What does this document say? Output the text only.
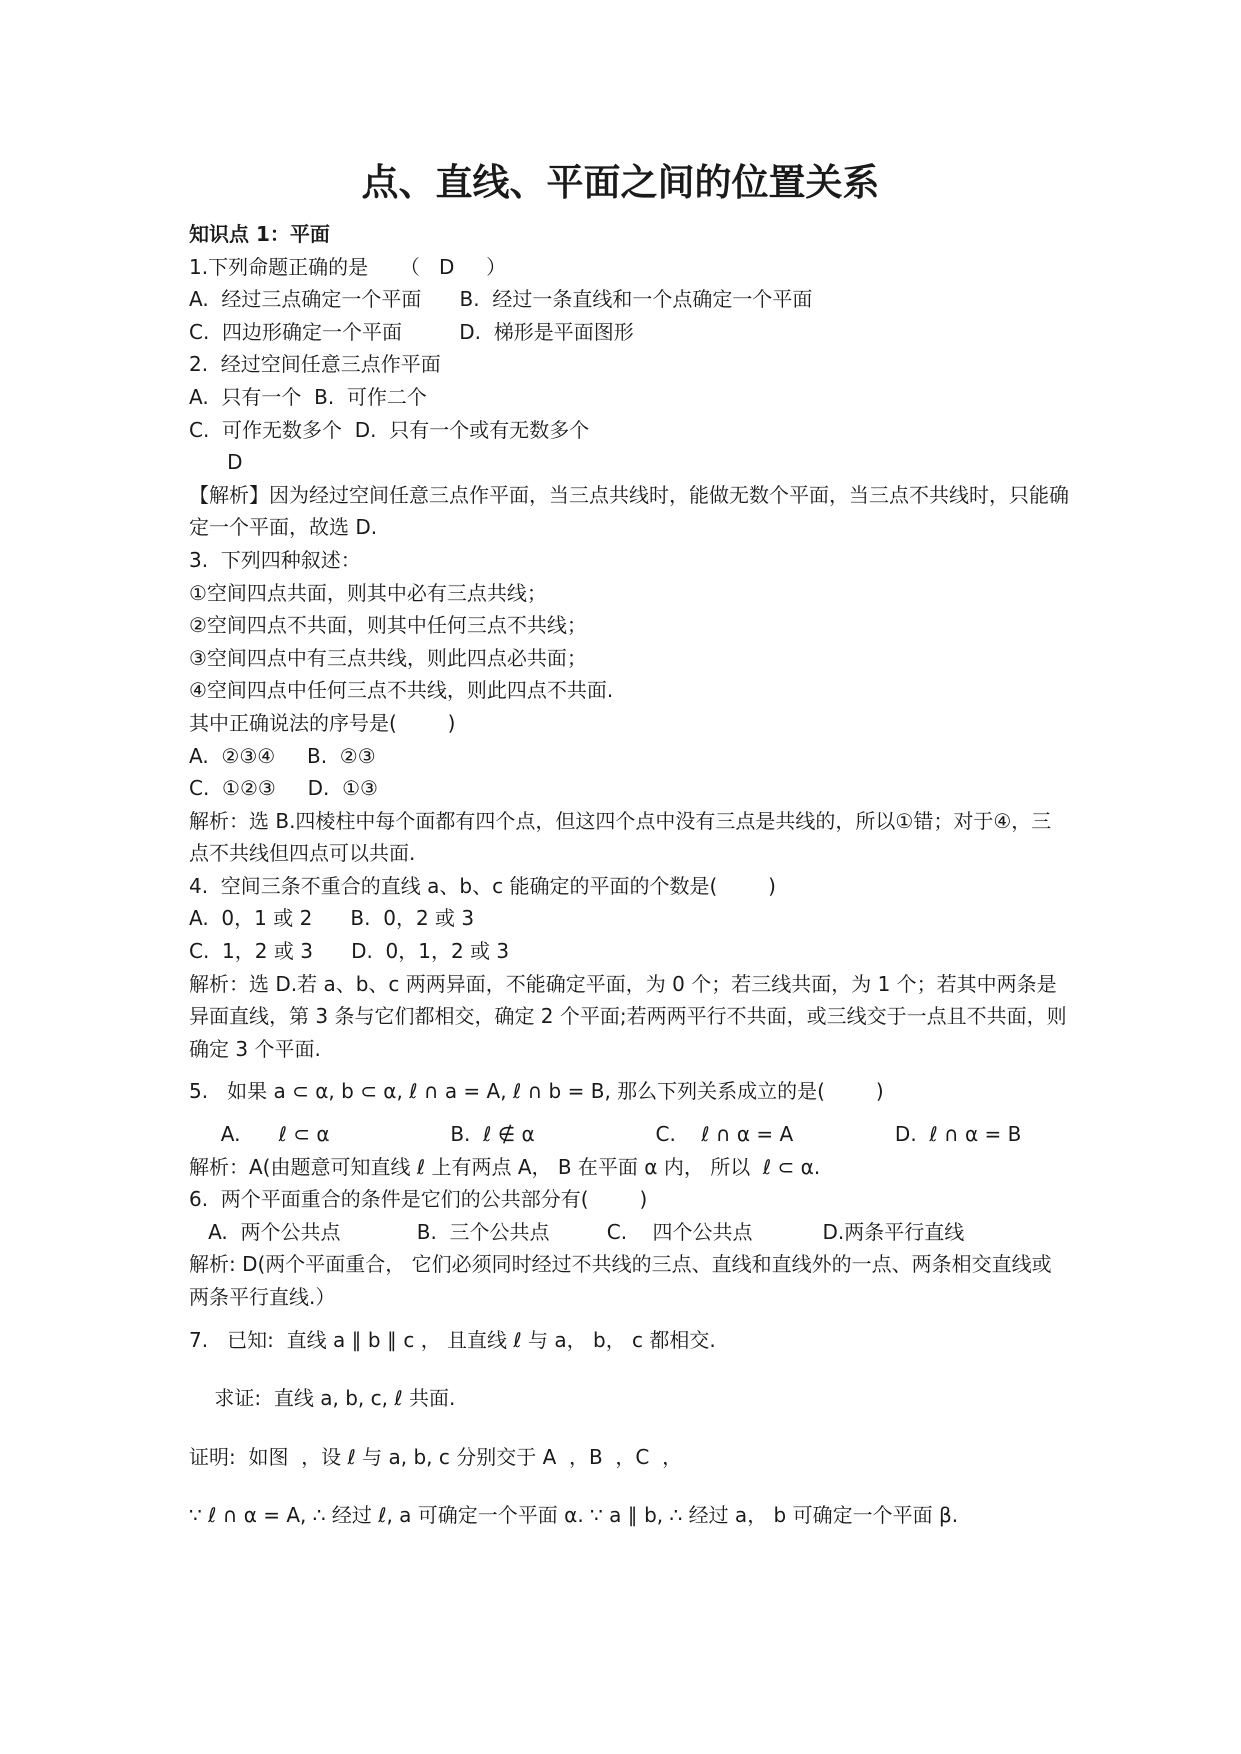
点、直线、平面之间的位置关系

知识点 1：平面

1.下列命题正确的是     （   D     ）

A.  经过三点确定一个平面      B.  经过一条直线和一个点确定一个平面

C.  四边形确定一个平面         D.  梯形是平面图形

2.  经过空间任意三点作平面

A.  只有一个  B.  可作二个

C.  可作无数多个  D.  只有一个或有无数多个

D

【解析】因为经过空间任意三点作平面，当三点共线时，能做无数个平面，当三点不共线时，只能确定一个平面，故选 D.

3.  下列四种叙述：

①空间四点共面，则其中必有三点共线；

②空间四点不共面，则其中任何三点不共线；

③空间四点中有三点共线，则此四点必共面；

④空间四点中任何三点不共线，则此四点不共面.

其中正确说法的序号是(        )

A.  ②③④     B.  ②③

C.  ①②③     D.  ①③

解析：选 B.四棱柱中每个面都有四个点，但这四个点中没有三点是共线的，所以①错；对于④，三点不共线但四点可以共面.

4.  空间三条不重合的直线 a、b、c 能确定的平面的个数是(        )

A.  0，1 或 2      B.  0，2 或 3

C.  1，2 或 3      D.  0，1，2 或 3

解析：选 D.若 a、b、c 两两异面，不能确定平面，为 0 个；若三线共面，为 1 个；若其中两条是异面直线，第 3 条与它们都相交，确定 2 个平面;若两两平行不共面，或三线交于一点且不共面，则确定 3 个平面.

5.   如果 a ⊂ α, b ⊂ α, ℓ ∩ a = A, ℓ ∩ b = B, 那么下列关系成立的是(        )

A.      ℓ ⊂ α                   B.  ℓ ∉ α                   C.    ℓ ∩ α = A                D.  ℓ ∩ α = B

解析：A(由题意可知直线 ℓ 上有两点 A， B 在平面 α 内， 所以  ℓ ⊂ α.

6.  两个平面重合的条件是它们的公共部分有(        )

A.  两个公共点            B.  三个公共点         C.    四个公共点           D.两条平行直线

解析: D(两个平面重合， 它们必须同时经过不共线的三点、直线和直线外的一点、两条相交直线或两条平行直线.）

7.   已知:  直线 a ∥ b ∥ c ， 且直线 ℓ 与 a， b， c 都相交.

求证:  直线 a, b, c, ℓ 共面.

证明:  如图  ，设 ℓ 与 a, b, c 分别交于 A  ，B  ，C  ，

∵ ℓ ∩ α = A, ∴ 经过 ℓ, a 可确定一个平面 α. ∵ a ∥ b, ∴ 经过 a， b 可确定一个平面 β.
